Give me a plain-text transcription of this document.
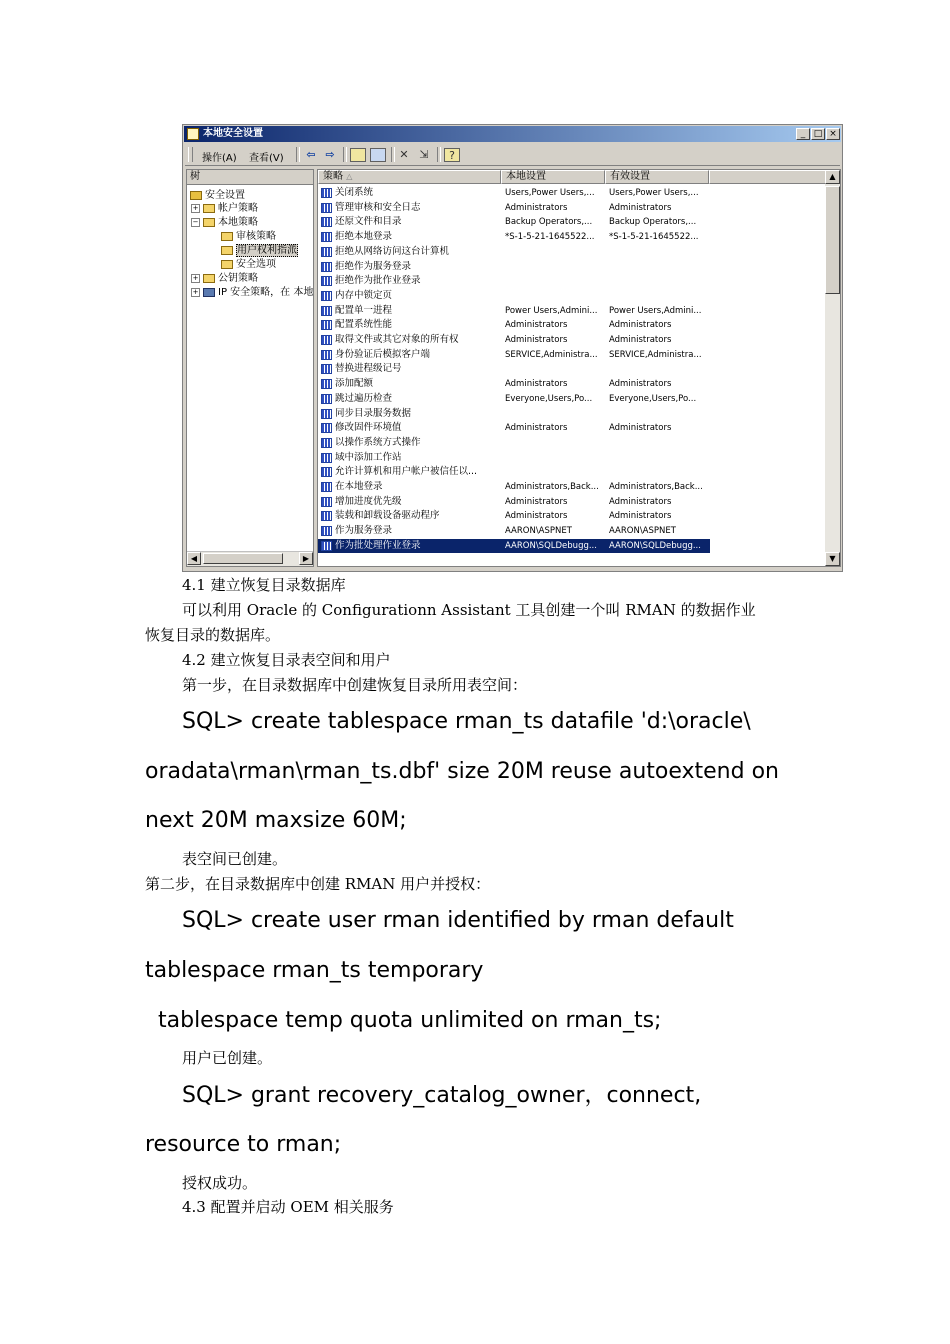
本地安全设置	_ □ ×
操作(A) 查看(V)	⇦ ⇨	✕ ⇲	?
树
安全设置
+ 帐户策略
− 本地策略
审核策略
用户权利指派
安全选项
+ 公钥策略
+ IP 安全策略，在 本地
◀	▶
策略 △	本地设置	有效设置
关闭系统	Users,Power Users,...	Users,Power Users,...
管理审核和安全日志	Administrators	Administrators
还原文件和目录	Backup Operators,...	Backup Operators,...
拒绝本地登录	*S-1-5-21-1645522...	*S-1-5-21-1645522...
拒绝从网络访问这台计算机
拒绝作为服务登录
拒绝作为批作业登录
内存中锁定页
配置单一进程	Power Users,Admini...	Power Users,Admini...
配置系统性能	Administrators	Administrators
取得文件或其它对象的所有权	Administrators	Administrators
身份验证后模拟客户端	SERVICE,Administra...	SERVICE,Administra...
替换进程级记号
添加配额	Administrators	Administrators
跳过遍历检查	Everyone,Users,Po...	Everyone,Users,Po...
同步目录服务数据
修改固件环境值	Administrators	Administrators
以操作系统方式操作
域中添加工作站
允许计算机和用户帐户被信任以...
在本地登录	Administrators,Back...	Administrators,Back...
增加进度优先级	Administrators	Administrators
装载和卸载设备驱动程序	Administrators	Administrators
作为服务登录	AARON\ASPNET	AARON\ASPNET
作为批处理作业登录	AARON\SQLDebugg...	AARON\SQLDebugg...
▲
▼
4.1 建立恢复目录数据库
可以利用 Oracle 的 Configurationn Assistant 工具创建一个叫 RMAN 的数据作业
恢复目录的数据库。
4.2 建立恢复目录表空间和用户
第一步，在目录数据库中创建恢复目录所用表空间：
SQL> create tablespace rman_ts datafile 'd:\oracle\
oradata\rman\rman_ts.dbf' size 20M reuse autoextend on
next 20M maxsize 60M;
表空间已创建。
第二步，在目录数据库中创建 RMAN 用户并授权：
SQL> create user rman identified by rman default
tablespace rman_ts temporary
tablespace temp quota unlimited on rman_ts;
用户已创建。
SQL> grant recovery_catalog_owner，connect,
resource to rman;
授权成功。
4.3 配置并启动 OEM 相关服务
